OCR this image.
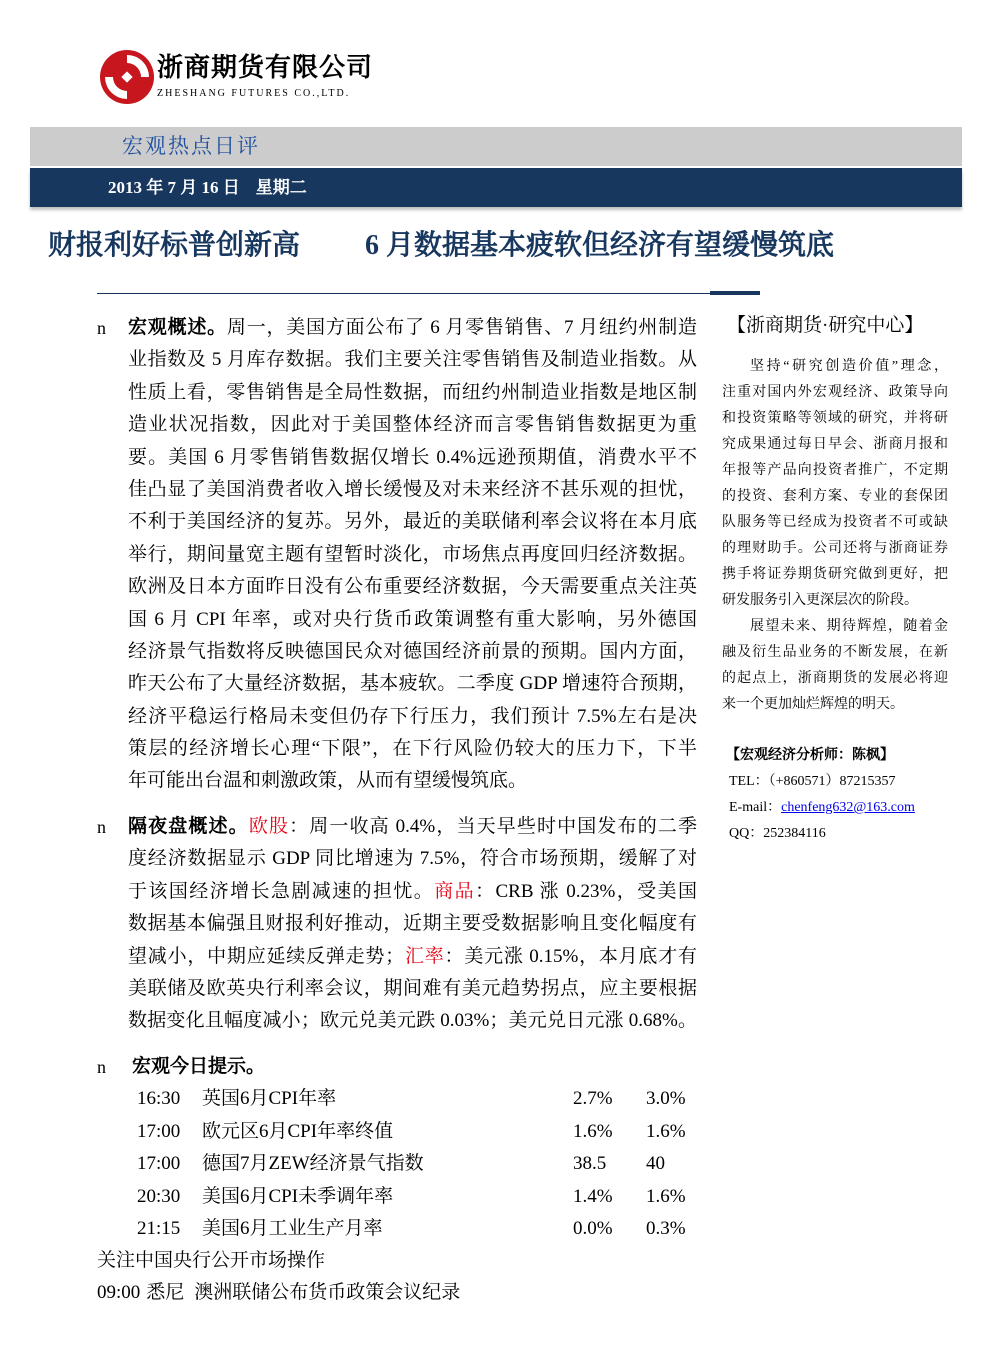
浙商期货有限公司
ZHESHANG FUTURES CO.,LTD.
宏观热点日评
2013 年 7 月 16 日 星期二
财报利好标普创新高 6 月数据基本疲软但经济有望缓慢筑底
n 宏观概述。周一，美国方面公布了 6 月零售销售、7 月纽约州制造
业指数及 5 月库存数据。我们主要关注零售销售及制造业指数。从
性质上看，零售销售是全局性数据，而纽约州制造业指数是地区制
造业状况指数，因此对于美国整体经济而言零售销售数据更为重
要。美国 6 月零售销售数据仅增长 0.4%远逊预期值，消费水平不
佳凸显了美国消费者收入增长缓慢及对未来经济不甚乐观的担忧，
不利于美国经济的复苏。另外，最近的美联储利率会议将在本月底
举行，期间量宽主题有望暂时淡化，市场焦点再度回归经济数据。
欧洲及日本方面昨日没有公布重要经济数据，今天需要重点关注英
国 6 月 CPI 年率，或对央行货币政策调整有重大影响，另外德国
经济景气指数将反映德国民众对德国经济前景的预期。国内方面，
昨天公布了大量经济数据，基本疲软。二季度 GDP 增速符合预期，
经济平稳运行格局未变但仍存下行压力，我们预计 7.5%左右是决
策层的经济增长心理“下限”，在下行风险仍较大的压力下，下半
年可能出台温和刺激政策，从而有望缓慢筑底。
n 隔夜盘概述。欧股：周一收高 0.4%，当天早些时中国发布的二季
度经济数据显示 GDP 同比增速为 7.5%，符合市场预期，缓解了对
于该国经济增长急剧减速的担忧。商品：CRB 涨 0.23%，受美国
数据基本偏强且财报利好推动，近期主要受数据影响且变化幅度有
望减小，中期应延续反弹走势；汇率：美元涨 0.15%，本月底才有
美联储及欧英央行利率会议，期间难有美元趋势拐点，应主要根据
数据变化且幅度减小；欧元兑美元跌 0.03%；美元兑日元涨 0.68%。
n 宏观今日提示。
16:30 英国6月CPI年率	2.7% 3.0%
17:00 欧元区6月CPI年率终值	1.6% 1.6%
17:00 德国7月ZEW经济景气指数	38.5 40
20:30 美国6月CPI未季调年率	1.4% 1.6%
21:15 美国6月工业生产月率	0.0% 0.3%
关注中国央行公开市场操作
09:00 悉尼 澳洲联储公布货币政策会议纪录
【浙商期货·研究中心】
坚持“研究创造价值”理念，
注重对国内外宏观经济、政策导向
和投资策略等领域的研究，并将研
究成果通过每日早会、浙商月报和
年报等产品向投资者推广，不定期
的投资、套利方案、专业的套保团
队服务等已经成为投资者不可或缺
的理财助手。公司还将与浙商证券
携手将证券期货研究做到更好，把
研发服务引入更深层次的阶段。
展望未来、期待辉煌，随着金
融及衍生品业务的不断发展，在新
的起点上，浙商期货的发展必将迎
来一个更加灿烂辉煌的明天。
【宏观经济分析师：陈枫】
TEL：（+860571）87215357
E-mail：chenfeng632@163.com
QQ：252384116
